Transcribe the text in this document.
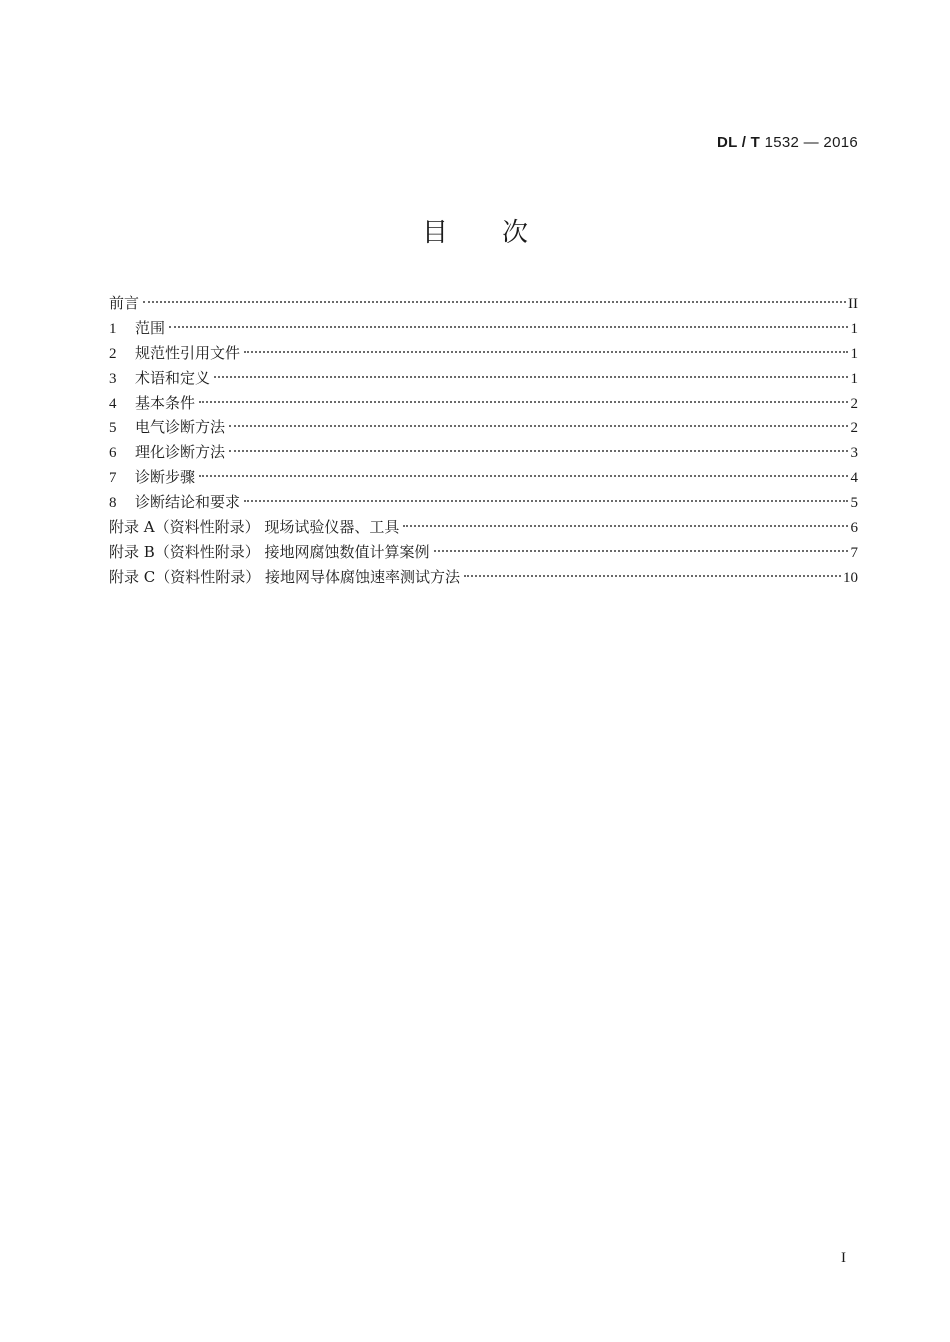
DL / T 1532 — 2016
目次
前言	II
1 范围	1
2 规范性引用文件	1
3 术语和定义	1
4 基本条件	2
5 电气诊断方法	2
6 理化诊断方法	3
7 诊断步骤	4
8 诊断结论和要求	5
附录 A（资料性附录） 现场试验仪器、工具	6
附录 B（资料性附录） 接地网腐蚀数值计算案例	7
附录 C（资料性附录） 接地网导体腐蚀速率测试方法	10
I
